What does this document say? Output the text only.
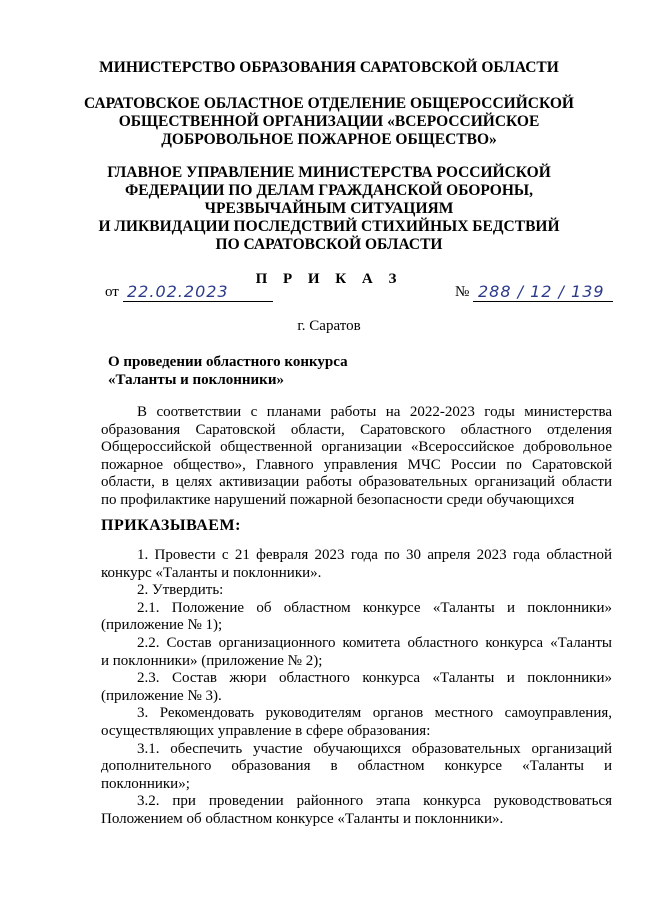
МИНИСТЕРСТВО ОБРАЗОВАНИЯ САРАТОВСКОЙ ОБЛАСТИ
САРАТОВСКОЕ ОБЛАСТНОЕ ОТДЕЛЕНИЕ ОБЩЕРОССИЙСКОЙ
ОБЩЕСТВЕННОЙ ОРГАНИЗАЦИИ «ВСЕРОССИЙСКОЕ
ДОБРОВОЛЬНОЕ ПОЖАРНОЕ ОБЩЕСТВО»
ГЛАВНОЕ УПРАВЛЕНИЕ МИНИСТЕРСТВА РОССИЙСКОЙ
ФЕДЕРАЦИИ ПО ДЕЛАМ ГРАЖДАНСКОЙ ОБОРОНЫ,
ЧРЕЗВЫЧАЙНЫМ СИТУАЦИЯМ
И ЛИКВИДАЦИИ ПОСЛЕДСТВИЙ СТИХИЙНЫХ БЕДСТВИЙ
ПО САРАТОВСКОЙ ОБЛАСТИ
П Р И К А З
от 22.02.2023	№ 288 / 12 / 139
г. Саратов
О проведении областного конкурса
«Таланты и поклонники»
В соответствии с планами работы на 2022-2023 годы министерства
образования Саратовской области, Саратовского областного отделения
Общероссийской общественной организации «Всероссийское добровольное
пожарное общество», Главного управления МЧС России по Саратовской
области, в целях активизации работы образовательных организаций области
по профилактике нарушений пожарной безопасности среди обучающихся
ПРИКАЗЫВАЕМ:
1. Провести с 21 февраля 2023 года по 30 апреля 2023 года областной
конкурс «Таланты и поклонники».
2. Утвердить:
2.1. Положение об областном конкурсе «Таланты и поклонники»
(приложение № 1);
2.2. Состав организационного комитета областного конкурса «Таланты
и поклонники» (приложение № 2);
2.3. Состав жюри областного конкурса «Таланты и поклонники»
(приложение № 3).
3. Рекомендовать руководителям органов местного самоуправления,
осуществляющих управление в сфере образования:
3.1. обеспечить участие обучающихся образовательных организаций
дополнительного образования в областном конкурсе «Таланты и
поклонники»;
3.2. при проведении районного этапа конкурса руководствоваться
Положением об областном конкурсе «Таланты и поклонники».
